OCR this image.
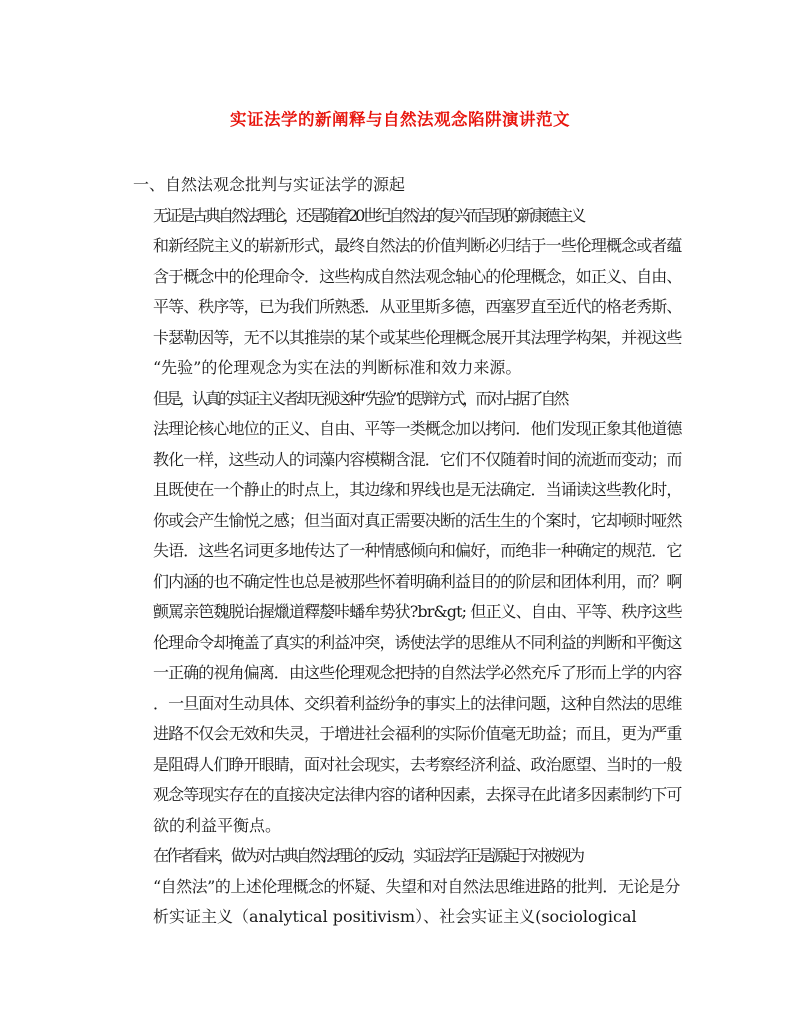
实证法学的新阐释与自然法观念陷阱演讲范文

一、自然法观念批判与实证法学的源起

无证是古典自然法理论，还是随着20世纪自然法的复兴而呈现的新康德主义
和新经院主义的崭新形式，最终自然法的价值判断必归结于一些伦理概念或者蕴
含于概念中的伦理命令．这些构成自然法观念轴心的伦理概念，如正义、自由、
平等、秩序等，已为我们所熟悉．从亚里斯多德，西塞罗直至近代的格老秀斯、
卡瑟勒因等，无不以其推崇的某个或某些伦理概念展开其法理学构架，并视这些
“先验”的伦理观念为实在法的判断标准和效力来源。

但是，认真的实证主义者却无视这种“先验”的思辩方式，而对占据了自然
法理论核心地位的正义、自由、平等一类概念加以拷问．他们发现正象其他道德
教化一样，这些动人的词藻内容模糊含混．它们不仅随着时间的流逝而变动；而
且既使在一个静止的时点上，其边缘和界线也是无法确定．当诵读这些教化时，
你或会产生愉悦之感；但当面对真正需要决断的活生生的个案时，它却顿时哑然
失语．这些名词更多地传达了一种情感倾向和偏好，而绝非一种确定的规范．它
们内涵的也不确定性也总是被那些怀着明确利益目的的阶层和团体利用，而？啊
颤罵亲笆魏脱诒握爉道釋嫠咔蟠牟势犾?br&gt; 但正义、自由、平等、秩序这些
伦理命令却掩盖了真实的利益冲突，诱使法学的思维从不同利益的判断和平衡这
一正确的视角偏离．由这些伦理观念把持的自然法学必然充斥了形而上学的内容
．一旦面对生动具体、交织着利益纷争的事实上的法律问题，这种自然法的思维
进路不仅会无效和失灵，于增进社会福利的实际价值毫无助益；而且，更为严重
是阻碍人们睁开眼睛，面对社会现实，去考察经济利益、政治愿望、当时的一般
观念等现实存在的直接决定法律内容的诸种因素，去探寻在此诸多因素制约下可
欲的利益平衡点。

在作者看来，做为对古典自然法理论的反动，实证法学正是源起于对被视为
“自然法”的上述伦理概念的怀疑、失望和对自然法思维进路的批判．无论是分
析实证主义（analytical positivism）、社会实证主义(sociological
